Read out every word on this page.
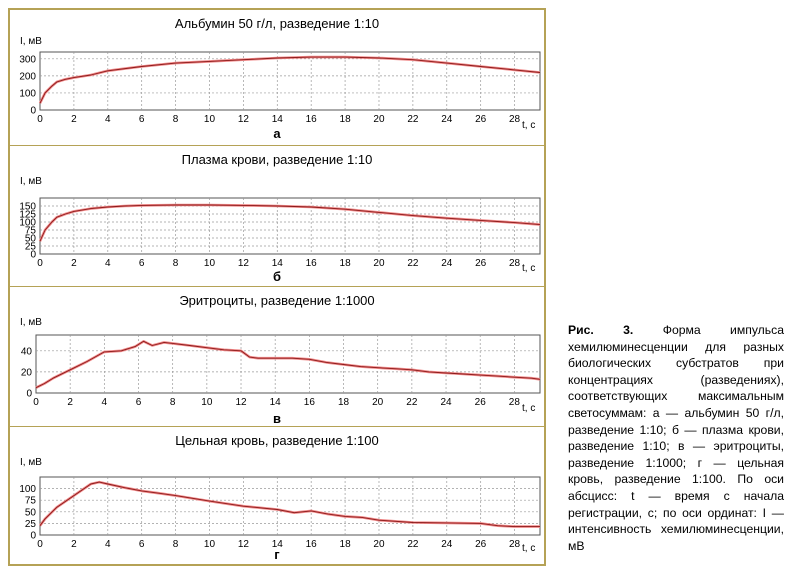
Альбумин 50 г/л, разведение 1:10
I, мВ
0	2	4	6	8	10 12 14 16 18 20 22 24 26 28
0
100
200
300
t, с
а
Плазма крови, разведение 1:10
I, мВ
0	2	4	6	8	10 12 14 16 18 20 22 24 26 28
0
25
50
75
100
125
150
t, с
б
Эритроциты, разведение 1:1000
I, мВ
0	2	4	6	8	10 12 14 16 18 20 22 24 26 28
0
20
40
t, с
в
Цельная кровь, разведение 1:100
I, мВ
0	2	4	6	8	10 12 14 16 18 20 22 24 26 28
0
25
50
75
100
t, с
г
Рис. 3. Форма импульса хемилюминесценции для разных биологических субстратов при концентрациях (разведениях), соответствующих максимальным светосуммам: а — альбумин 50 г/л, разведение 1:10; б — плазма крови, разведение 1:10; в — эритроциты, разведение 1:1000; г — цельная кровь, разведение 1:100. По оси абсцисс: t — время с начала регистрации, с; по оси ординат: I — интенсивность хемилюминесценции, мВ
